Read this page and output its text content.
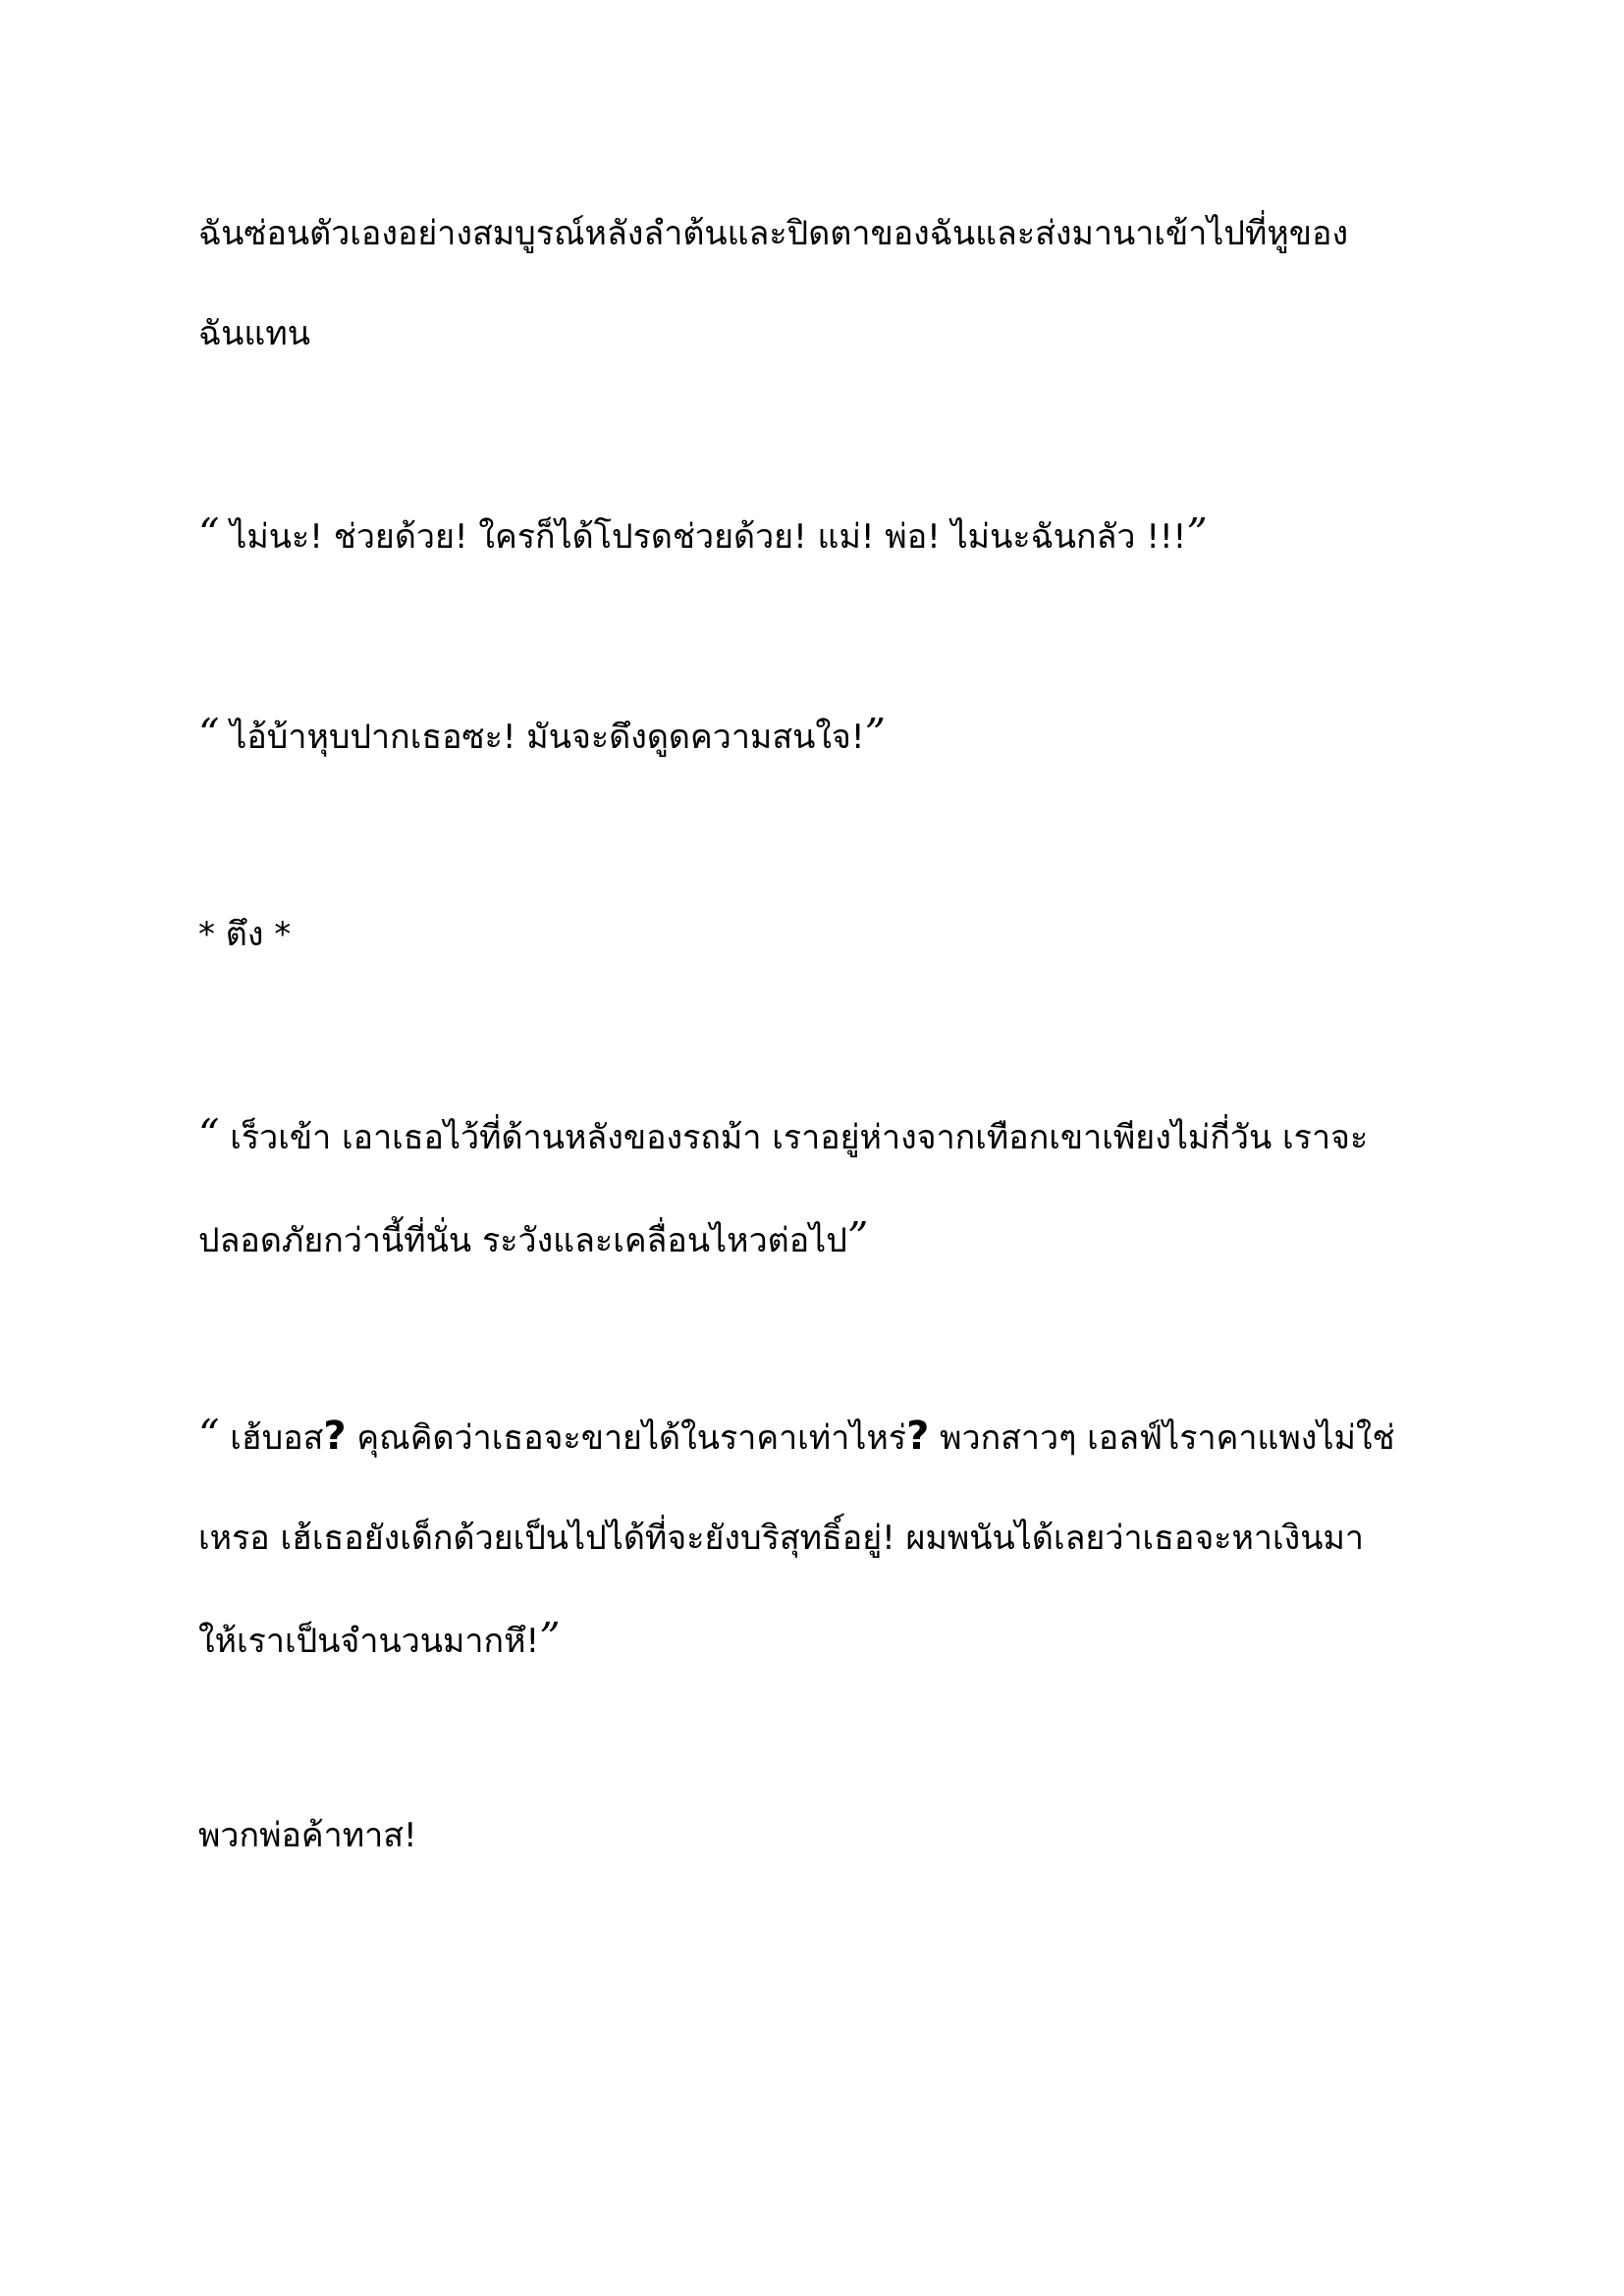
ฉันซ่อนตัวเองอย่างสมบูรณ์หลังลำต้นและปิดตาของฉันและส่งมานาเข้าไปที่หูของ
ฉันแทน

“ ไม่นะ! ช่วยด้วย! ใครก็ได้โปรดช่วยด้วย! แม่! พ่อ! ไม่นะฉันกลัว !!!”

“ ไอ้บ้าหุบปากเธอซะ! มันจะดึงดูดความสนใจ!”

* ตึง *

“ เร็วเข้า เอาเธอไว้ที่ด้านหลังของรถม้า เราอยู่ห่างจากเทือกเขาเพียงไม่กี่วัน เราจะ
ปลอดภัยกว่านี้ที่นั่น ระวังและเคลื่อนไหวต่อไป”

“ เฮ้บอส? คุณคิดว่าเธอจะขายได้ในราคาเท่าไหร่? พวกสาวๆ เอลฟ์ไราคาแพงไม่ใช่
เหรอ เฮ้เธอยังเด็กด้วยเป็นไปได้ที่จะยังบริสุทธิ์อยู่! ผมพนันได้เลยว่าเธอจะหาเงินมา
ให้เราเป็นจำนวนมากหึ!”

พวกพ่อค้าทาส!
